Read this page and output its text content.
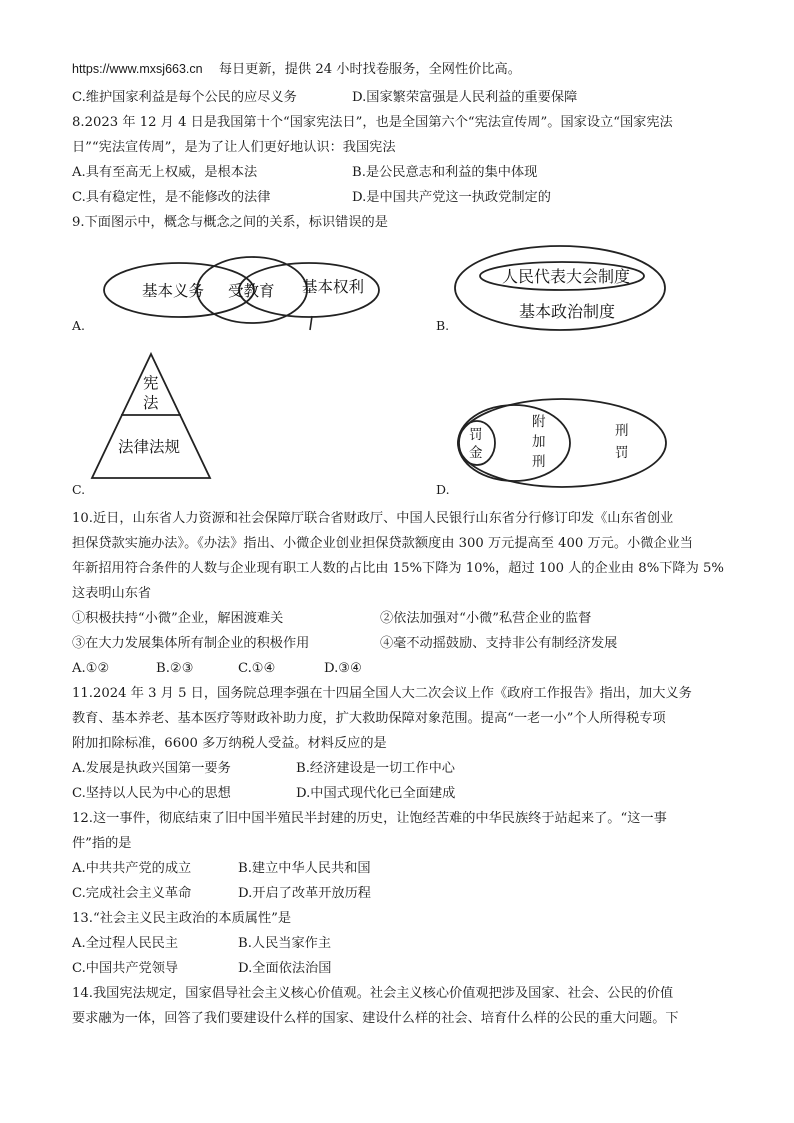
https://www.mxsj663.cn 每日更新，提供 24 小时找卷服务，全网性价比高。
C.维护国家利益是每个公民的应尽义务	D.国家繁荣富强是人民利益的重要保障
8.2023 年 12 月 4 日是我国第十个“国家宪法日”，也是全国第六个“宪法宣传周”。国家设立“国家宪法
日”“宪法宣传周”，是为了让人们更好地认识：我国宪法
A.具有至高无上权威，是根本法	B.是公民意志和利益的集中体现
C.具有稳定性，是不能修改的法律	D.是中国共产党这一执政党制定的
9.下面图示中，概念与概念之间的关系，标识错误的是
基本义务 受教育 基本权利
A.
人民代表大会制度
基本政治制度
B.
宪
法
法律法规
C.
罚
金
附
加
刑
刑
罚
D.
10.近日，山东省人力资源和社会保障厅联合省财政厅、中国人民银行山东省分行修订印发《山东省创业
担保贷款实施办法》。《办法》指出、小微企业创业担保贷款额度由 300 万元提高至 400 万元。小微企业当
年新招用符合条件的人数与企业现有职工人数的占比由 15%下降为 10%，超过 100 人的企业由 8%下降为 5%
这表明山东省
①积极扶持“小微”企业，解困渡难关	②依法加强对“小微”私营企业的监督
③在大力发展集体所有制企业的积极作用	④毫不动摇鼓励、支持非公有制经济发展
A.①②	B.②③	C.①④	D.③④
11.2024 年 3 月 5 日，国务院总理李强在十四届全国人大二次会议上作《政府工作报告》指出，加大义务
教育、基本养老、基本医疗等财政补助力度，扩大救助保障对象范围。提高“一老一小”个人所得税专项
附加扣除标准，6600 多万纳税人受益。材料反应的是
A.发展是执政兴国第一要务	B.经济建设是一切工作中心
C.坚持以人民为中心的思想	D.中国式现代化已全面建成
12.这一事件，彻底结束了旧中国半殖民半封建的历史，让饱经苦难的中华民族终于站起来了。“这一事
件”指的是
A.中共共产党的成立	B.建立中华人民共和国
C.完成社会主义革命	D.开启了改革开放历程
13.“社会主义民主政治的本质属性”是
A.全过程人民民主	B.人民当家作主
C.中国共产党领导	D.全面依法治国
14.我国宪法规定，国家倡导社会主义核心价值观。社会主义核心价值观把涉及国家、社会、公民的价值
要求融为一体，回答了我们要建设什么样的国家、建设什么样的社会、培育什么样的公民的重大问题。下
